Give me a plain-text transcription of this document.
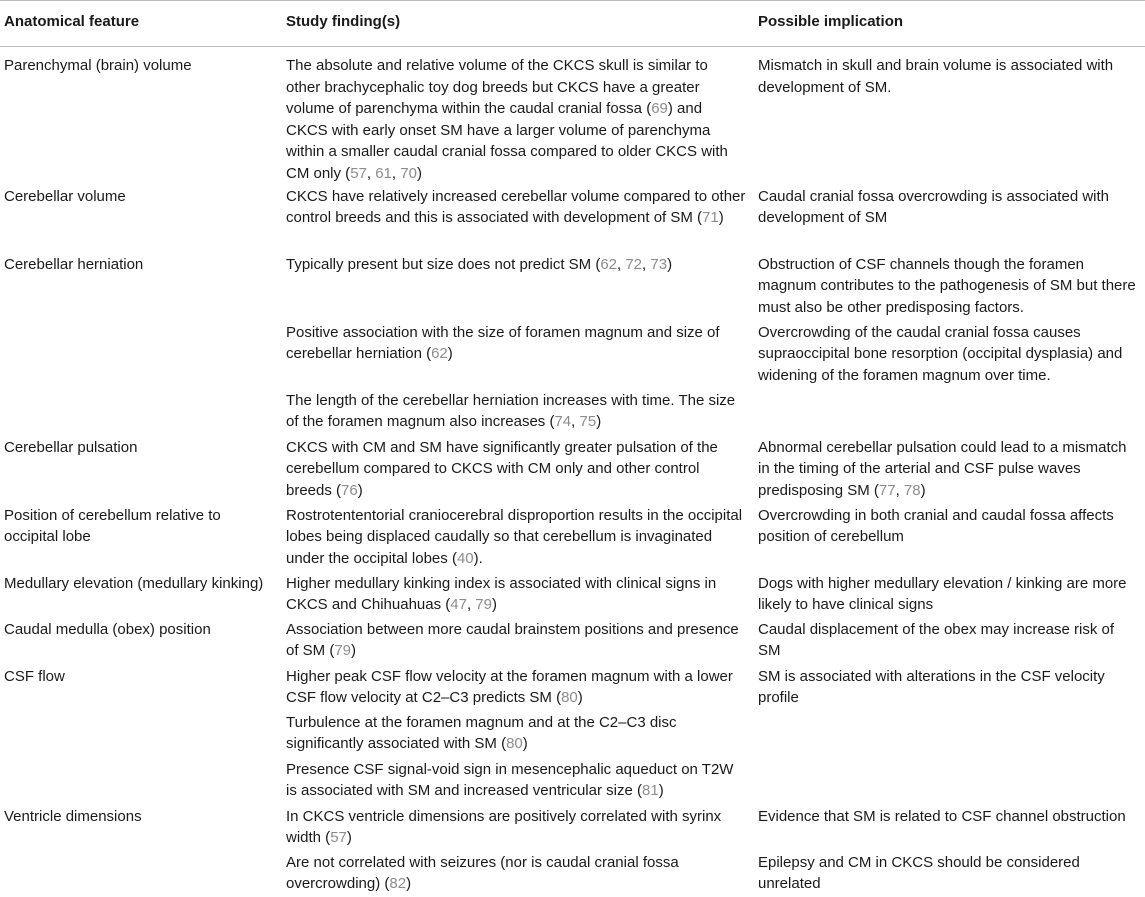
Anatomical feature	Study finding(s)	Possible implication
Parenchymal (brain) volume	The absolute and relative volume of the CKCS skull is similar to other brachycephalic toy dog breeds but CKCS have a greater volume of parenchyma within the caudal cranial fossa (69) and CKCS with early onset SM have a larger volume of parenchyma within a smaller caudal cranial fossa compared to older CKCS with CM only (57, 61, 70)	Mismatch in skull and brain volume is associated with development of SM.
Cerebellar volume	CKCS have relatively increased cerebellar volume compared to other control breeds and this is associated with development of SM (71)	Caudal cranial fossa overcrowding is associated with development of SM
Cerebellar herniation	Typically present but size does not predict SM (62, 72, 73)	Obstruction of CSF channels though the foramen magnum contributes to the pathogenesis of SM but there must also be other predisposing factors.
	Positive association with the size of foramen magnum and size of cerebellar herniation (62)	Overcrowding of the caudal cranial fossa causes supraoccipital bone resorption (occipital dysplasia) and widening of the foramen magnum over time.
	The length of the cerebellar herniation increases with time. The size of the foramen magnum also increases (74, 75)	
Cerebellar pulsation	CKCS with CM and SM have significantly greater pulsation of the cerebellum compared to CKCS with CM only and other control breeds (76)	Abnormal cerebellar pulsation could lead to a mismatch in the timing of the arterial and CSF pulse waves predisposing SM (77, 78)
Position of cerebellum relative to occipital lobe	Rostrotententorial craniocerebral disproportion results in the occipital lobes being displaced caudally so that cerebellum is invaginated under the occipital lobes (40).	Overcrowding in both cranial and caudal fossa affects position of cerebellum
Medullary elevation (medullary kinking)	Higher medullary kinking index is associated with clinical signs in CKCS and Chihuahuas (47, 79)	Dogs with higher medullary elevation / kinking are more likely to have clinical signs
Caudal medulla (obex) position	Association between more caudal brainstem positions and presence of SM (79)	Caudal displacement of the obex may increase risk of SM
CSF flow	Higher peak CSF flow velocity at the foramen magnum with a lower CSF flow velocity at C2–C3 predicts SM (80)	SM is associated with alterations in the CSF velocity profile
	Turbulence at the foramen magnum and at the C2–C3 disc significantly associated with SM (80)	
	Presence CSF signal-void sign in mesencephalic aqueduct on T2W is associated with SM and increased ventricular size (81)	
Ventricle dimensions	In CKCS ventricle dimensions are positively correlated with syrinx width (57)	Evidence that SM is related to CSF channel obstruction
	Are not correlated with seizures (nor is caudal cranial fossa overcrowding) (82)	Epilepsy and CM in CKCS should be considered unrelated
